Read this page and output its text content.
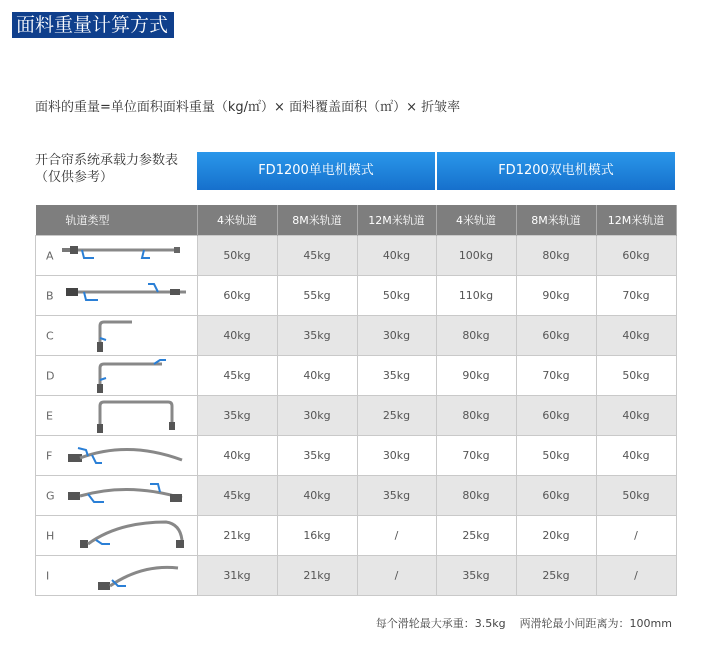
面料重量计算方式
面料的重量=单位面积面料重量（kg/㎡）× 面料覆盖面积（㎡）× 折皱率
开合帘系统承载力参数表（仅供参考）	FD1200单电机模式	FD1200双电机模式
轨道类型	4米轨道	8M米轨道	12M米轨道	4米轨道	8M米轨道	12M米轨道

A	50kg	45kg	40kg	100kg	80kg	60kg

B	60kg	55kg	50kg	110kg	90kg	70kg

C	40kg	35kg	30kg	80kg	60kg	40kg

D	45kg	40kg	35kg	90kg	70kg	50kg

E	35kg	30kg	25kg	80kg	60kg	40kg

F	40kg	35kg	30kg	70kg	50kg	40kg

G	45kg	40kg	35kg	80kg	60kg	50kg

H	21kg	16kg	/	25kg	20kg	/

I	31kg	21kg	/	35kg	25kg	/
每个滑轮最大承重：3.5kg 两滑轮最小间距离为：100mm
